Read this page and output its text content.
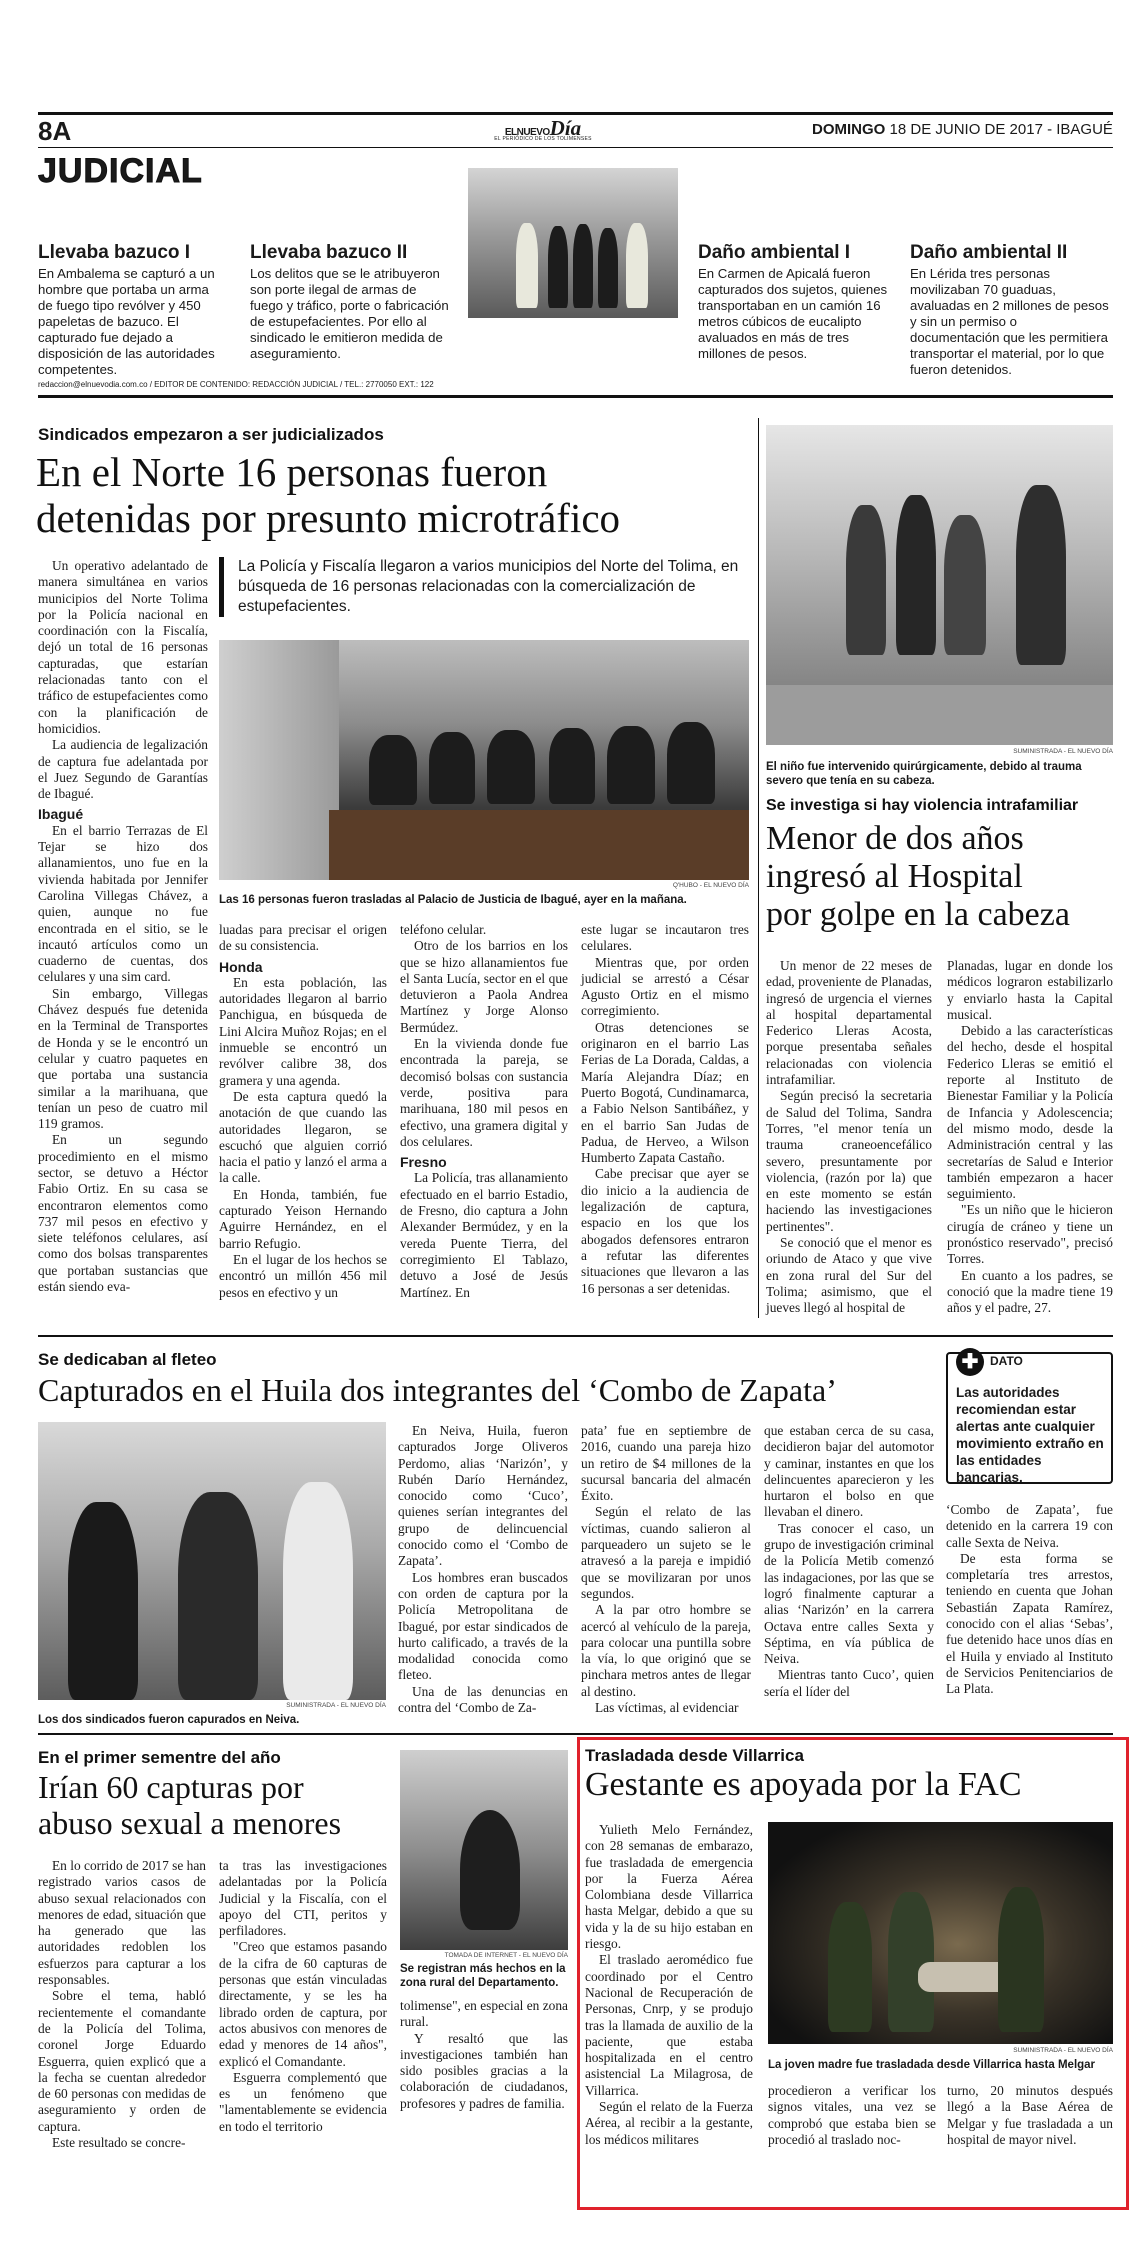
8A	ELNUEVODía
EL PERIÓDICO DE LOS TOLIMENSES
DOMINGO 18 DE JUNIO DE 2017 - IBAGUÉ
JUDICIAL
Llevaba bazuco I

En Ambalema se capturó a un hombre que portaba un arma de fuego tipo revólver y 450 papeletas de bazuco. El capturado fue dejado a disposición de las autoridades competentes.

Llevaba bazuco II

Los delitos que se le atribuyeron son porte ilegal de armas de fuego y tráfico, porte o fabricación de estupefacientes. Por ello al sindicado le emitieron medida de aseguramiento.

Daño ambiental I

En Carmen de Apicalá fueron capturados dos sujetos, quienes transportaban en un camión 16 metros cúbicos de eucalipto avaluados en más de tres millones de pesos.

Daño ambiental II

En Lérida tres personas movilizaban 70 guaduas, avaluadas en 2 millones de pesos y sin un permiso o documentación que les permitiera transportar el material, por lo que fueron detenidos.

redaccion@elnuevodia.com.co / EDITOR DE CONTENIDO: REDACCIÓN JUDICIAL / TEL.: 2770050 EXT.: 122
Sindicados empezaron a ser judicializados
En el Norte 16 personas fueron
detenidas por presunto microtráfico
La Policía y Fiscalía llegaron a varios municipios del Norte del Tolima, en búsqueda de 16 personas relacionadas con la comercialización de estupefacientes.

Un operativo adelantado de manera simultánea en varios municipios del Norte Tolima por la Policía nacional en coordinación con la Fiscalía, dejó un total de 16 personas capturadas, que estarían relacionadas tanto con el tráfico de estupefacientes como con la planificación de homicidios.

La audiencia de legalización de captura fue adelantada por el Juez Segundo de Garantías de Ibagué.

Ibagué

En el barrio Terrazas de El Tejar se hizo dos allanamientos, uno fue en la vivienda habitada por Jennifer Carolina Villegas Chávez, a quien, aunque no fue encontrada en el sitio, se le incautó artículos como un cuaderno de cuentas, dos celulares y una sim card.

Sin embargo, Villegas Chávez después fue detenida en la Terminal de Transportes de Honda y se le encontró un celular y cuatro paquetes en que portaba una sustancia similar a la marihuana, que tenían un peso de cuatro mil 119 gramos.

En un segundo procedimiento en el mismo sector, se detuvo a Héctor Fabio Ortiz. En su casa se encontraron elementos como 737 mil pesos en efectivo y siete teléfonos celulares, así como dos bolsas transparentes que portaban sustancias que están siendo eva-

Q'HUBO - EL NUEVO DÍA
Las 16 personas fueron trasladas al Palacio de Justicia de Ibagué, ayer en la mañana.

luadas para precisar el origen de su consistencia.

Honda

En esta población, las autoridades llegaron al barrio Panchigua, en búsqueda de Lini Alcira Muñoz Rojas; en el inmueble se encontró un revólver calibre 38, dos gramera y una agenda.

De esta captura quedó la anotación de que cuando las autoridades llegaron, se escuchó que alguien corrió hacia el patio y lanzó el arma a la calle.

En Honda, también, fue capturado Yeison Hernando Aguirre Hernández, en el barrio Refugio.

En el lugar de los hechos se encontró un millón 456 mil pesos en efectivo y un

teléfono celular.

Otro de los barrios en los que se hizo allanamientos fue el Santa Lucía, sector en el que detuvieron a Paola Andrea Martínez y Jorge Alonso Bermúdez.

En la vivienda donde fue encontrada la pareja, se decomisó bolsas con sustancia verde, positiva para marihuana, 180 mil pesos en efectivo, una gramera digital y dos celulares.

Fresno

La Policía, tras allanamiento efectuado en el barrio Estadio, de Fresno, dio captura a John Alexander Bermúdez, y en la vereda Puente Tierra, del corregimiento El Tablazo, detuvo a José de Jesús Martínez. En

este lugar se incautaron tres celulares.

Mientras que, por orden judicial se arrestó a César Agusto Ortiz en el mismo corregimiento.

Otras detenciones se originaron en el barrio Las Ferias de La Dorada, Caldas, a María Alejandra Díaz; en Puerto Bogotá, Cundinamarca, a Fabio Nelson Santibáñez, y en el barrio San Judas de Padua, de Herveo, a Wilson Humberto Zapata Castaño.

Cabe precisar que ayer se dio inicio a la audiencia de legalización de captura, espacio en los que los abogados defensores entraron a refutar las diferentes situaciones que llevaron a las 16 personas a ser detenidas.

SUMINISTRADA - EL NUEVO DÍA
El niño fue intervenido quirúrgicamente, debido al trauma severo que tenía en su cabeza.
Se investiga si hay violencia intrafamiliar
Menor de dos años
ingresó al Hospital
por golpe en la cabeza

Un menor de 22 meses de edad, proveniente de Planadas, ingresó de urgencia el viernes al hospital departamental Federico Lleras Acosta, porque presentaba señales relacionadas con violencia intrafamiliar.

Según precisó la secretaria de Salud del Tolima, Sandra Torres, "el menor tenía un trauma craneoencefálico severo, presuntamente por violencia, (razón por la) que en este momento se están haciendo las investigaciones pertinentes".

Se conoció que el menor es oriundo de Ataco y que vive en zona rural del Sur del Tolima; asimismo, que el jueves llegó al hospital de

Planadas, lugar en donde los médicos lograron estabilizarlo y enviarlo hasta la Capital musical.

Debido a las características del hecho, desde el hospital Federico Lleras se emitió el reporte al Instituto de Bienestar Familiar y la Policía de Infancia y Adolescencia; del mismo modo, desde la Administración central y las secretarías de Salud e Interior también empezaron a hacer seguimiento.

"Es un niño que le hicieron cirugía de cráneo y tiene un pronóstico reservado", precisó Torres.

En cuanto a los padres, se conoció que la madre tiene 19 años y el padre, 27.

Se dedicaban al fleteo
Capturados en el Huila dos integrantes del ‘Combo de Zapata’
SUMINISTRADA - EL NUEVO DÍA
Los dos sindicados fueron capurados en Neiva.

En Neiva, Huila, fueron capturados Jorge Oliveros Perdomo, alias ‘Narizón’, y Rubén Darío Hernández, conocido como ‘Cuco’, quienes serían integrantes del grupo de delincuencial conocido como el ‘Combo de Zapata’.

Los hombres eran buscados con orden de captura por la Policía Metropolitana de Ibagué, por estar sindicados de hurto calificado, a través de la modalidad conocida como fleteo.

Una de las denuncias en contra del ‘Combo de Za-

pata’ fue en septiembre de 2016, cuando una pareja hizo un retiro de $4 millones de la sucursal bancaria del almacén Éxito.

Según el relato de las víctimas, cuando salieron al parqueadero un sujeto se le atravesó a la pareja e impidió que se movilizaran por unos segundos.

A la par otro hombre se acercó al vehículo de la pareja, para colocar una puntilla sobre la vía, lo que originó que se pinchara metros antes de llegar al destino.

Las víctimas, al evidenciar

que estaban cerca de su casa, decidieron bajar del automotor y caminar, instantes en que los delincuentes aparecieron y les hurtaron el bolso en que llevaban el dinero.

Tras conocer el caso, un grupo de investigación criminal de la Policía Metib comenzó las indagaciones, por las que se logró finalmente capturar a alias ‘Narizón’ en la carrera Octava entre calles Sexta y Séptima, en vía pública de Neiva.

Mientras tanto Cuco’, quien sería el líder del

✚ DATO
Las autoridades recomiendan estar alertas ante cualquier movimiento extraño en las entidades bancarias.

‘Combo de Zapata’, fue detenido en la carrera 19 con calle Sexta de Neiva.

De esta forma se completaría tres arrestos, teniendo en cuenta que Johan Sebastián Zapata Ramírez, conocido con el alias ‘Sebas’, fue detenido hace unos días en el Huila y enviado al Instituto de Servicios Penitenciarios de La Plata.

En el primer sementre del año
Irían 60 capturas por
abuso sexual a menores

En lo corrido de 2017 se han registrado varios casos de abuso sexual relacionados con menores de edad, situación que ha generado que las autoridades redoblen los esfuerzos para capturar a los responsables.

Sobre el tema, habló recientemente el comandante de la Policía del Tolima, coronel Jorge Eduardo Esguerra, quien explicó que a la fecha se cuentan alrededor de 60 personas con medidas de aseguramiento y orden de captura.

Este resultado se concre-

ta tras las investigaciones adelantadas por la Policía Judicial y la Fiscalía, con el apoyo del CTI, peritos y perfiladores.

"Creo que estamos pasando de la cifra de 60 capturas de personas que están vinculadas directamente, y se les ha librado orden de captura, por actos abusivos con menores de edad y menores de 14 años", explicó el Comandante.

Esguerra complementó que es un fenómeno que "lamentablemente se evidencia en todo el territorio

TOMADA DE INTERNET - EL NUEVO DÍA
Se registran más hechos en la zona rural del Departamento.

tolimense", en especial en zona rural.

Y resaltó que las investigaciones también han sido posibles gracias a la colaboración de ciudadanos, profesores y padres de familia.

Trasladada desde Villarrica
Gestante es apoyada por la FAC

Yulieth Melo Fernández, con 28 semanas de embarazo, fue trasladada de emergencia por la Fuerza Aérea Colombiana desde Villarrica hasta Melgar, debido a que su vida y la de su hijo estaban en riesgo.

El traslado aeromédico fue coordinado por el Centro Nacional de Recuperación de Personas, Cnrp, y se produjo tras la llamada de auxilio de la paciente, que estaba hospitalizada en el centro asistencial La Milagrosa, de Villarrica.

Según el relato de la Fuerza Aérea, al recibir a la gestante, los médicos militares

SUMINISTRADA - EL NUEVO DÍA
La joven madre fue trasladada desde Villarrica hasta Melgar

procedieron a verificar los signos vitales, una vez se comprobó que estaba bien se procedió al traslado noc-

turno, 20 minutos después llegó a la Base Aérea de Melgar y fue trasladada a un hospital de mayor nivel.
